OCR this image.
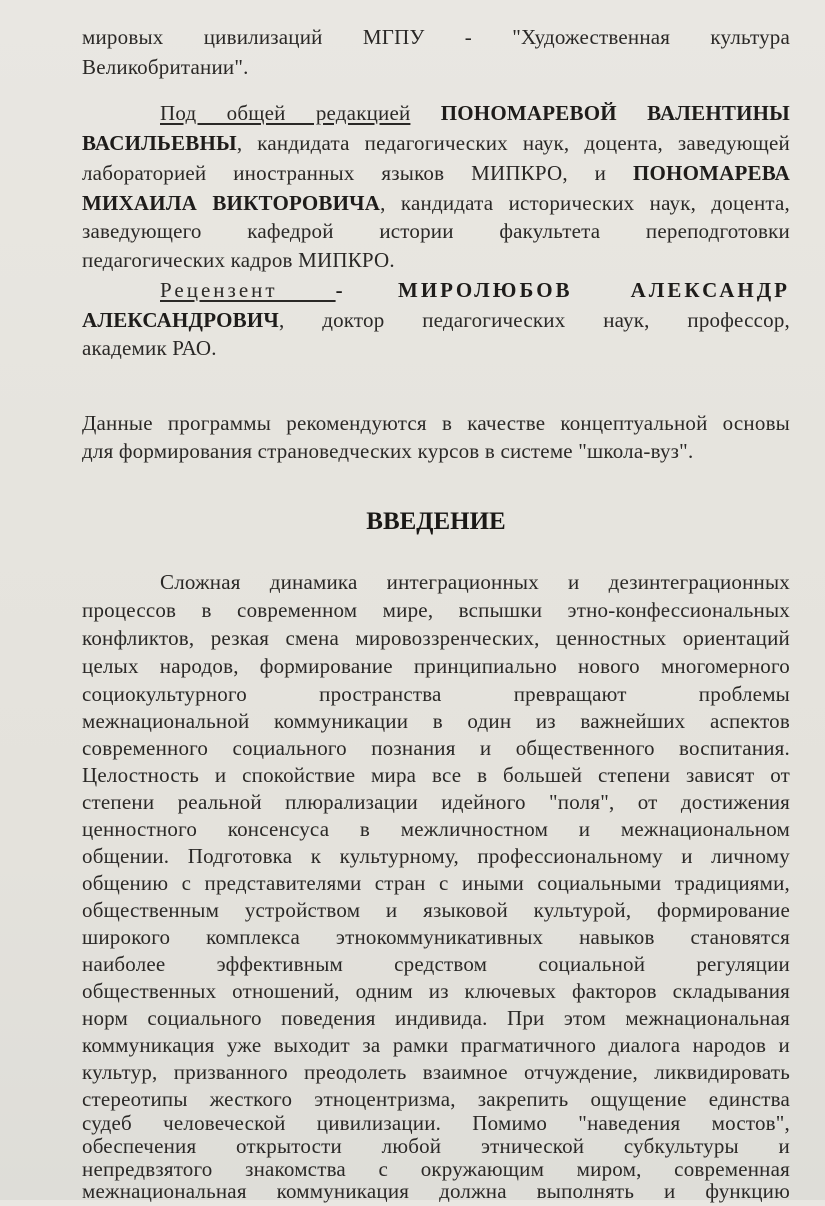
мировых цивилизаций МГПУ - "Художественная культура
Великобритании".
Под общей редакцией ПОНОМАРЕВОЙ ВАЛЕНТИНЫ
ВАСИЛЬЕВНЫ, кандидата педагогических наук, доцента, заведующей
лабораторией иностранных языков МИПКРО, и ПОНОМАРЕВА
МИХАИЛА ВИКТОРОВИЧА, кандидата исторических наук, доцента,
заведующего кафедрой истории факультета переподготовки
педагогических кадров МИПКРО.
Рецензент - МИРОЛЮБОВ АЛЕКСАНДР
АЛЕКСАНДРОВИЧ, доктор педагогических наук, профессор,
академик РАО.
Данные программы рекомендуются в качестве концептуальной основы
для формирования страноведческих курсов в системе "школа-вуз".
ВВЕДЕНИЕ
Сложная динамика интеграционных и дезинтеграционных
процессов в современном мире, вспышки этно-конфессиональных
конфликтов, резкая смена мировоззренческих, ценностных ориентаций
целых народов, формирование принципиально нового многомерного
социокультурного пространства превращают проблемы
межнациональной коммуникации в один из важнейших аспектов
современного социального познания и общественного воспитания.
Целостность и спокойствие мира все в большей степени зависят от
степени реальной плюрализации идейного "поля", от достижения
ценностного консенсуса в межличностном и межнациональном
общении. Подготовка к культурному, профессиональному и личному
общению с представителями стран с иными социальными традициями,
общественным устройством и языковой культурой, формирование
широкого комплекса этнокоммуникативных навыков становятся
наиболее эффективным средством социальной регуляции
общественных отношений, одним из ключевых факторов складывания
норм социального поведения индивида. При этом межнациональная
коммуникация уже выходит за рамки прагматичного диалога народов и
культур, призванного преодолеть взаимное отчуждение, ликвидировать
стереотипы жесткого этноцентризма, закрепить ощущение единства
судеб человеческой цивилизации. Помимо "наведения мостов",
обеспечения открытости любой этнической субкультуры и
непредвзятого знакомства с окружающим миром, современная
межнациональная коммуникация должна выполнять и функцию
